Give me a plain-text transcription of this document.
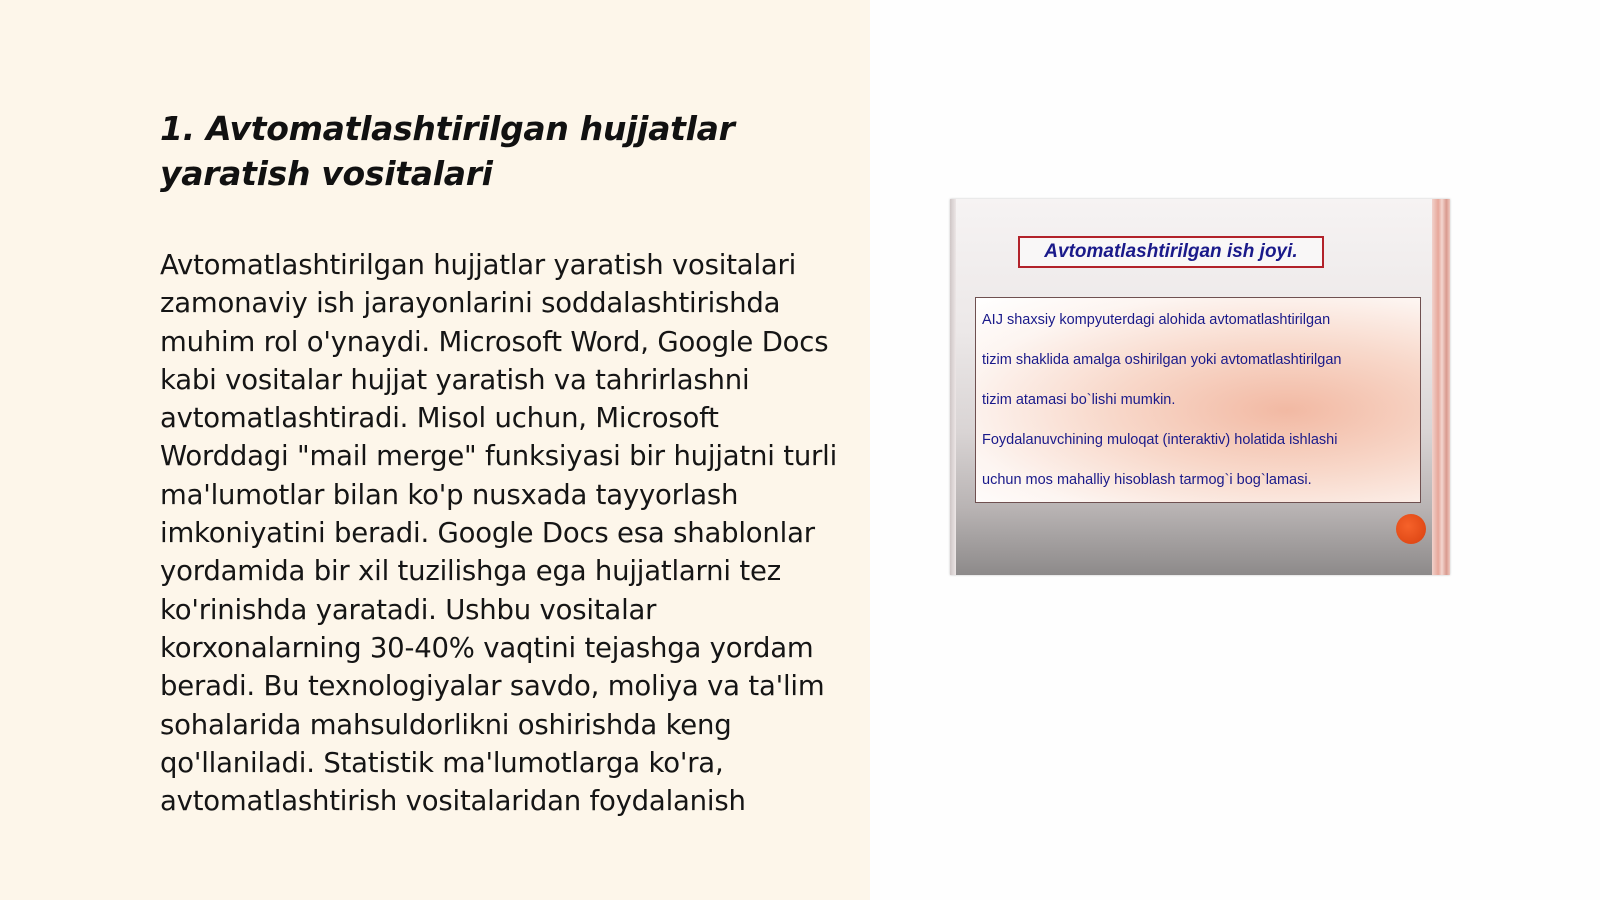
1. Avtomatlashtirilgan hujjatlar yaratish vositalari

Avtomatlashtirilgan hujjatlar yaratish vositalari zamonaviy ish jarayonlarini soddalashtirishda muhim rol o'ynaydi. Microsoft Word, Google Docs kabi vositalar hujjat yaratish va tahrirlashni avtomatlashtiradi. Misol uchun, Microsoft Worddagi "mail merge" funksiyasi bir hujjatni turli ma'lumotlar bilan ko'p nusxada tayyorlash imkoniyatini beradi. Google Docs esa shablonlar yordamida bir xil tuzilishga ega hujjatlarni tez ko'rinishda yaratadi. Ushbu vositalar korxonalarning 30-40% vaqtini tejashga yordam beradi. Bu texnologiyalar savdo, moliya va ta'lim sohalarida mahsuldorlikni oshirishda keng qo'llaniladi. Statistik ma'lumotlarga ko'ra, avtomatlashtirish vositalaridan foydalanish

Avtomatlashtirilgan ish joyi.

AIJ shaxsiy kompyuterdagi alohida avtomatlashtirilgan

tizim shaklida amalga oshirilgan yoki avtomatlashtirilgan

tizim atamasi bo`lishi mumkin.

Foydalanuvchining muloqat (interaktiv) holatida ishlashi

uchun mos mahalliy hisoblash tarmog`i bog`lamasi.
